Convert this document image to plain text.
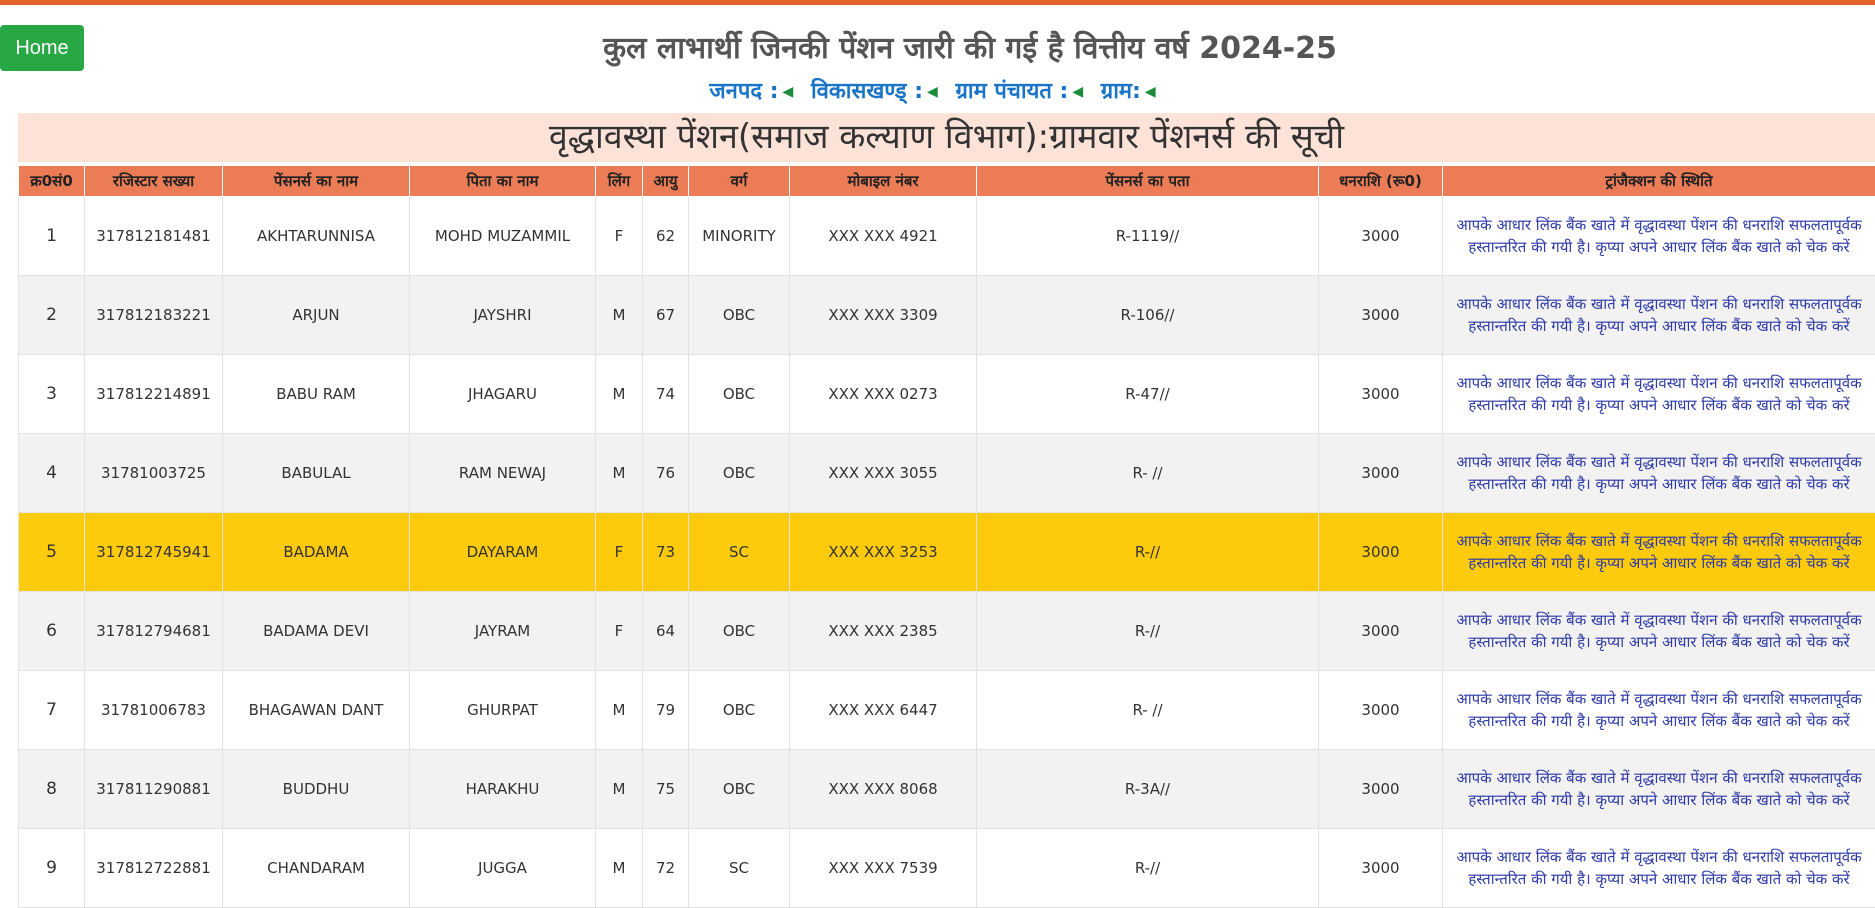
Home	कुल लाभार्थी जिनकी पेंशन जारी की गई है वित्तीय वर्ष 2024-25
जनपद : ◀ विकासखण्ड् : ◀ ग्राम पंचायत : ◀ ग्राम: ◀
वृद्धावस्था पेंशन(समाज कल्याण विभाग):ग्रामवार पेंशनर्स की सूची
क्र0सं0	रजिस्टार सख्या	पेंसनर्स का नाम	पिता का नाम	लिंग	आयु	वर्ग	मोबाइल नंबर	पेंसनर्स का पता	धनराशि (रू0)	ट्रांजैक्शन की स्थिति
1	317812181481	AKHTARUNNISA	MOHD MUZAMMIL	F	62	MINORITY	XXX XXX 4921	R-1119//	3000	आपके आधार लिंक बैंक खाते में वृद्धावस्था पेंशन की धनराशि सफलतापूर्वक हस्तान्तरित की गयी है। कृप्या अपने आधार लिंक बैंक खाते को चेक करें
2	317812183221	ARJUN	JAYSHRI	M	67	OBC	XXX XXX 3309	R-106//	3000	आपके आधार लिंक बैंक खाते में वृद्धावस्था पेंशन की धनराशि सफलतापूर्वक हस्तान्तरित की गयी है। कृप्या अपने आधार लिंक बैंक खाते को चेक करें
3	317812214891	BABU RAM	JHAGARU	M	74	OBC	XXX XXX 0273	R-47//	3000	आपके आधार लिंक बैंक खाते में वृद्धावस्था पेंशन की धनराशि सफलतापूर्वक हस्तान्तरित की गयी है। कृप्या अपने आधार लिंक बैंक खाते को चेक करें
4	31781003725	BABULAL	RAM NEWAJ	M	76	OBC	XXX XXX 3055	R- //	3000	आपके आधार लिंक बैंक खाते में वृद्धावस्था पेंशन की धनराशि सफलतापूर्वक हस्तान्तरित की गयी है। कृप्या अपने आधार लिंक बैंक खाते को चेक करें
5	317812745941	BADAMA	DAYARAM	F	73	SC	XXX XXX 3253	R-//	3000	आपके आधार लिंक बैंक खाते में वृद्धावस्था पेंशन की धनराशि सफलतापूर्वक हस्तान्तरित की गयी है। कृप्या अपने आधार लिंक बैंक खाते को चेक करें
6	317812794681	BADAMA DEVI	JAYRAM	F	64	OBC	XXX XXX 2385	R-//	3000	आपके आधार लिंक बैंक खाते में वृद्धावस्था पेंशन की धनराशि सफलतापूर्वक हस्तान्तरित की गयी है। कृप्या अपने आधार लिंक बैंक खाते को चेक करें
7	31781006783	BHAGAWAN DANT	GHURPAT	M	79	OBC	XXX XXX 6447	R- //	3000	आपके आधार लिंक बैंक खाते में वृद्धावस्था पेंशन की धनराशि सफलतापूर्वक हस्तान्तरित की गयी है। कृप्या अपने आधार लिंक बैंक खाते को चेक करें
8	317811290881	BUDDHU	HARAKHU	M	75	OBC	XXX XXX 8068	R-3A//	3000	आपके आधार लिंक बैंक खाते में वृद्धावस्था पेंशन की धनराशि सफलतापूर्वक हस्तान्तरित की गयी है। कृप्या अपने आधार लिंक बैंक खाते को चेक करें
9	317812722881	CHANDARAM	JUGGA	M	72	SC	XXX XXX 7539	R-//	3000	आपके आधार लिंक बैंक खाते में वृद्धावस्था पेंशन की धनराशि सफलतापूर्वक हस्तान्तरित की गयी है। कृप्या अपने आधार लिंक बैंक खाते को चेक करें
